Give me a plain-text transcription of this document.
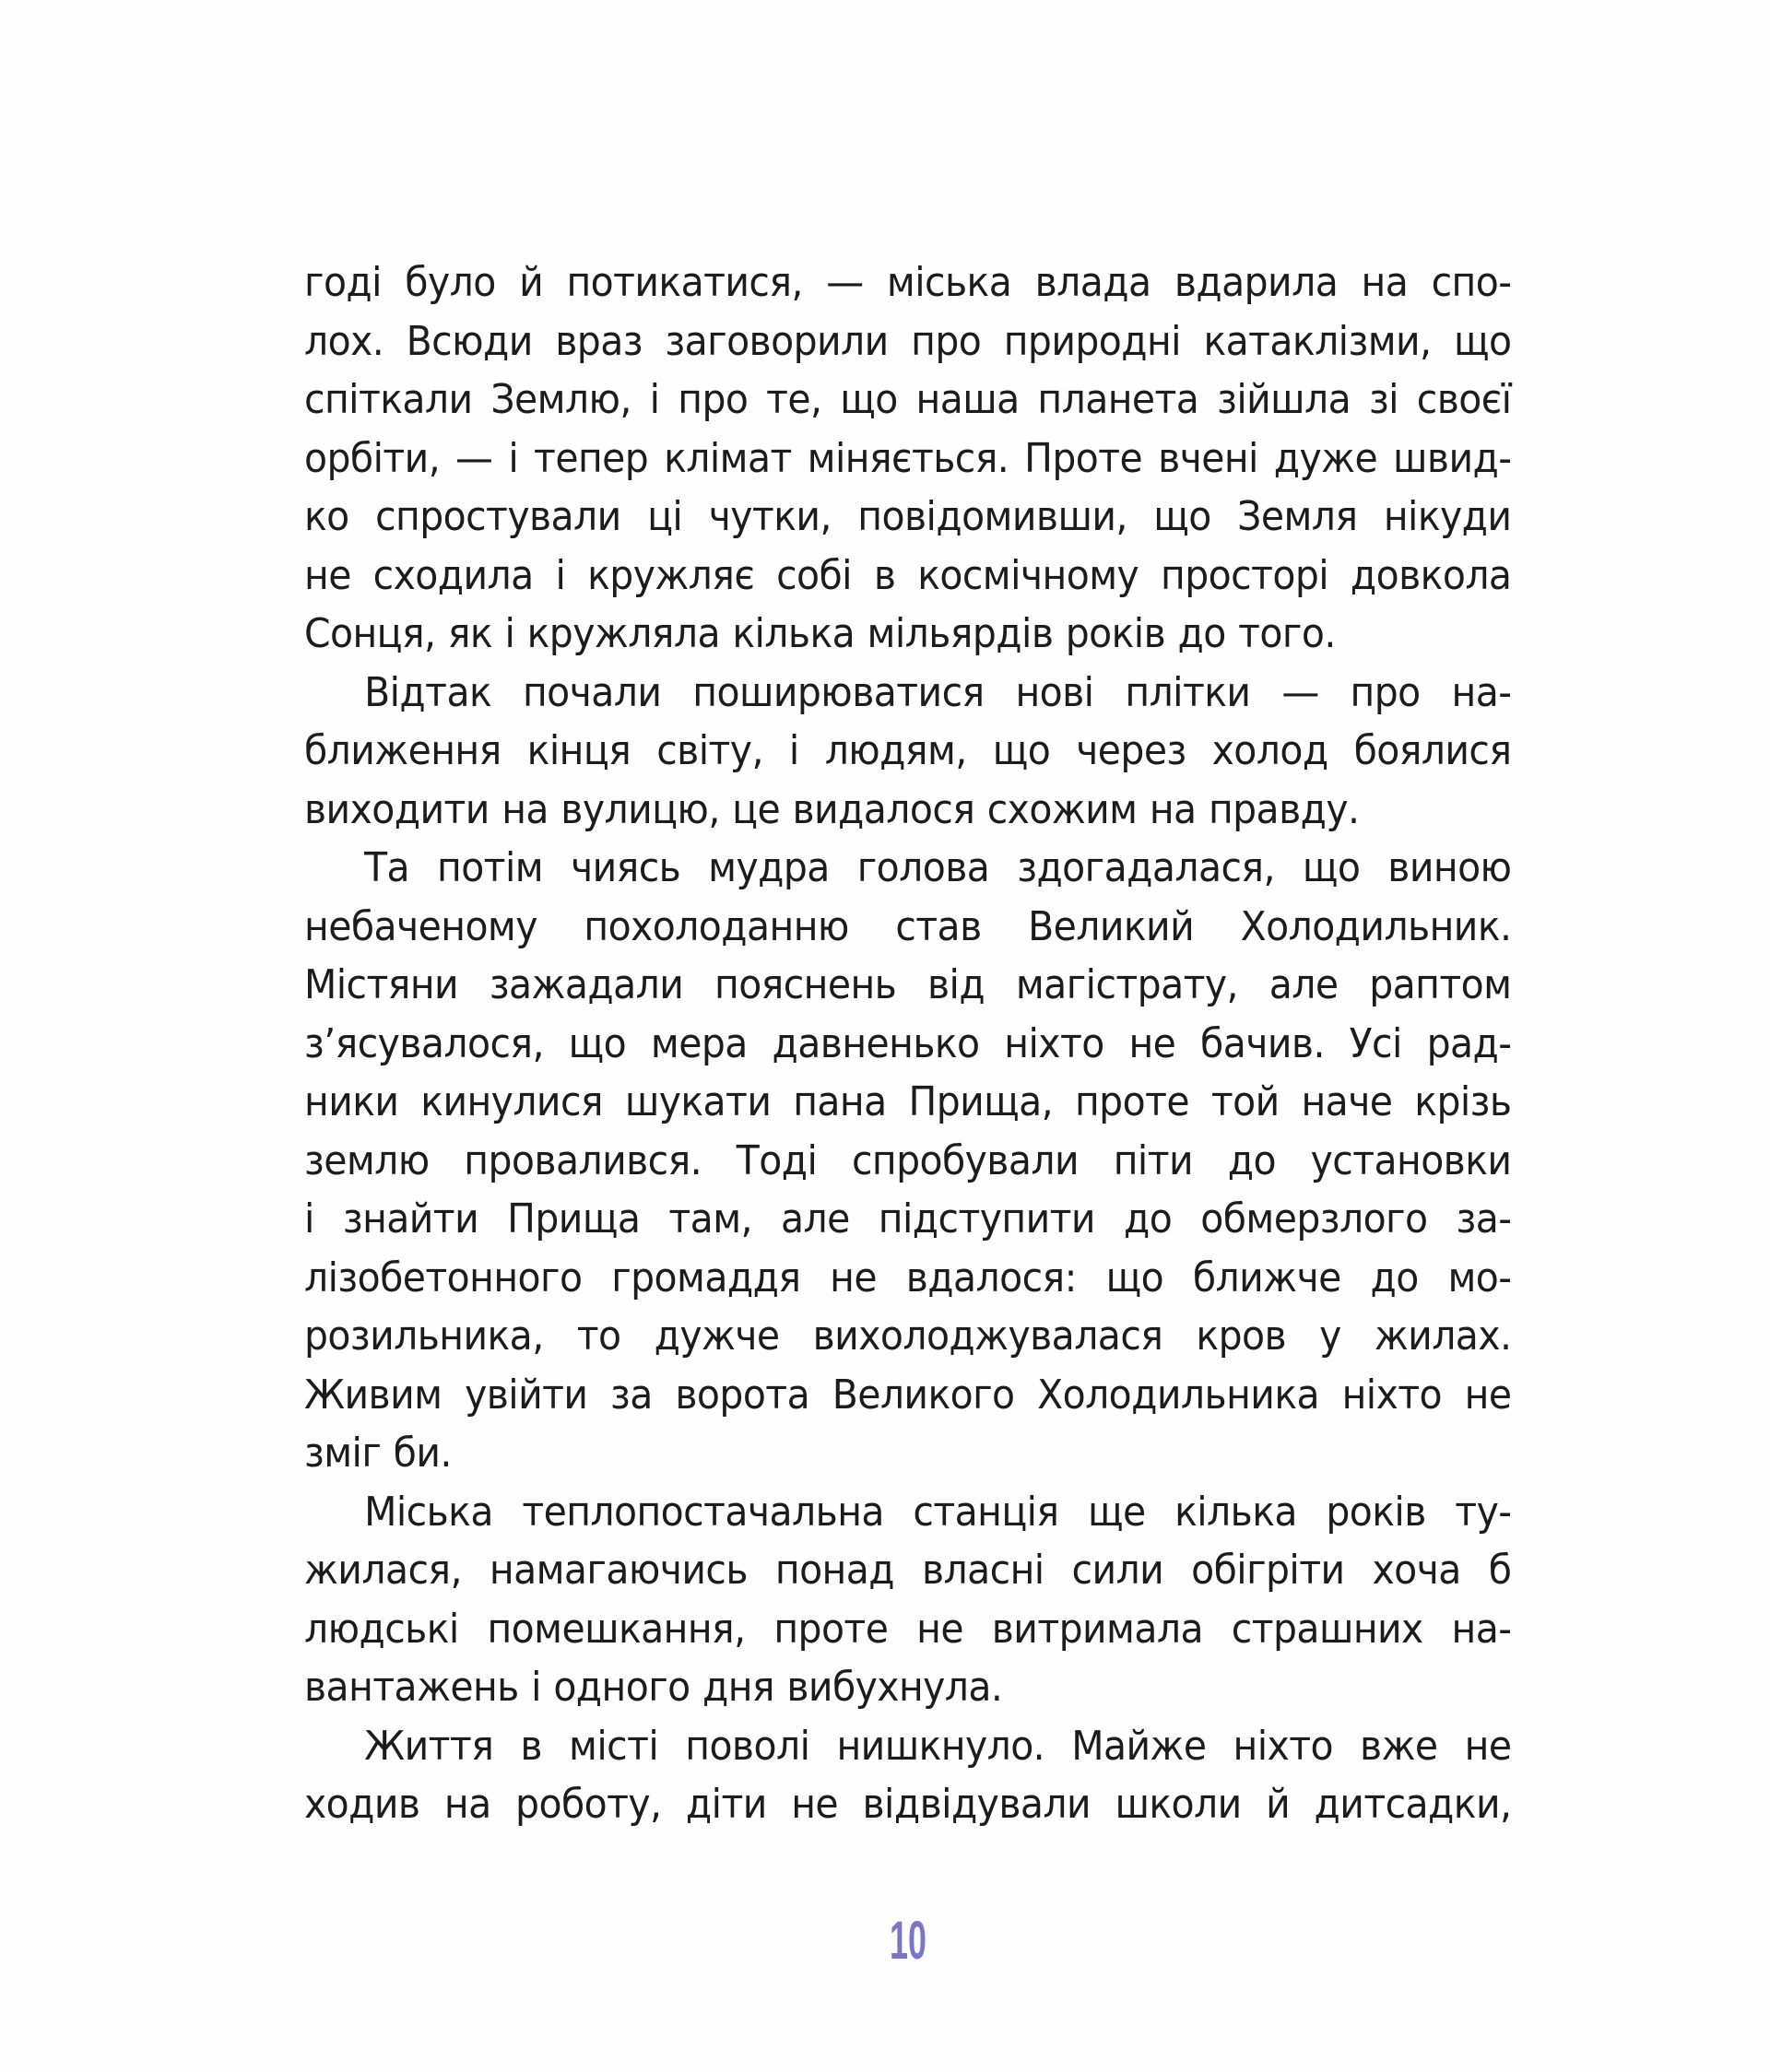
годі було й потикатися, — міська влада вдарила на спо-
лох. Всюди враз заговорили про природні катаклізми, що
спіткали Землю, і про те, що наша планета зійшла зі своєї
орбіти, — і тепер клімат міняється. Проте вчені дуже швид-
ко спростували ці чутки, повідомивши, що Земля нікуди
не сходила і кружляє собі в космічному просторі довкола
Сонця, як і кружляла кілька мільярдів років до того.
Відтак почали поширюватися нові плітки — про на-
ближення кінця світу, і людям, що через холод боялися
виходити на вулицю, це видалося схожим на правду.
Та потім чиясь мудра голова здогадалася, що виною
небаченому похолоданню став Великий Холодильник.
Містяни зажадали пояснень від магістрату, але раптом
з’ясувалося, що мера давненько ніхто не бачив. Усі рад-
ники кинулися шукати пана Прища, проте той наче крізь
землю провалився. Тоді спробували піти до установки
і знайти Прища там, але підступити до обмерзлого за-
лізобетонного громаддя не вдалося: що ближче до мо-
розильника, то дужче вихолоджувалася кров у жилах.
Живим увійти за ворота Великого Холодильника ніхто не
зміг би.
Міська теплопостачальна станція ще кілька років ту-
жилася, намагаючись понад власні сили обігріти хоча б
людські помешкання, проте не витримала страшних на-
вантажень і одного дня вибухнула.
Життя в місті поволі нишкнуло. Майже ніхто вже не
ходив на роботу, діти не відвідували школи й дитсадки,
10
